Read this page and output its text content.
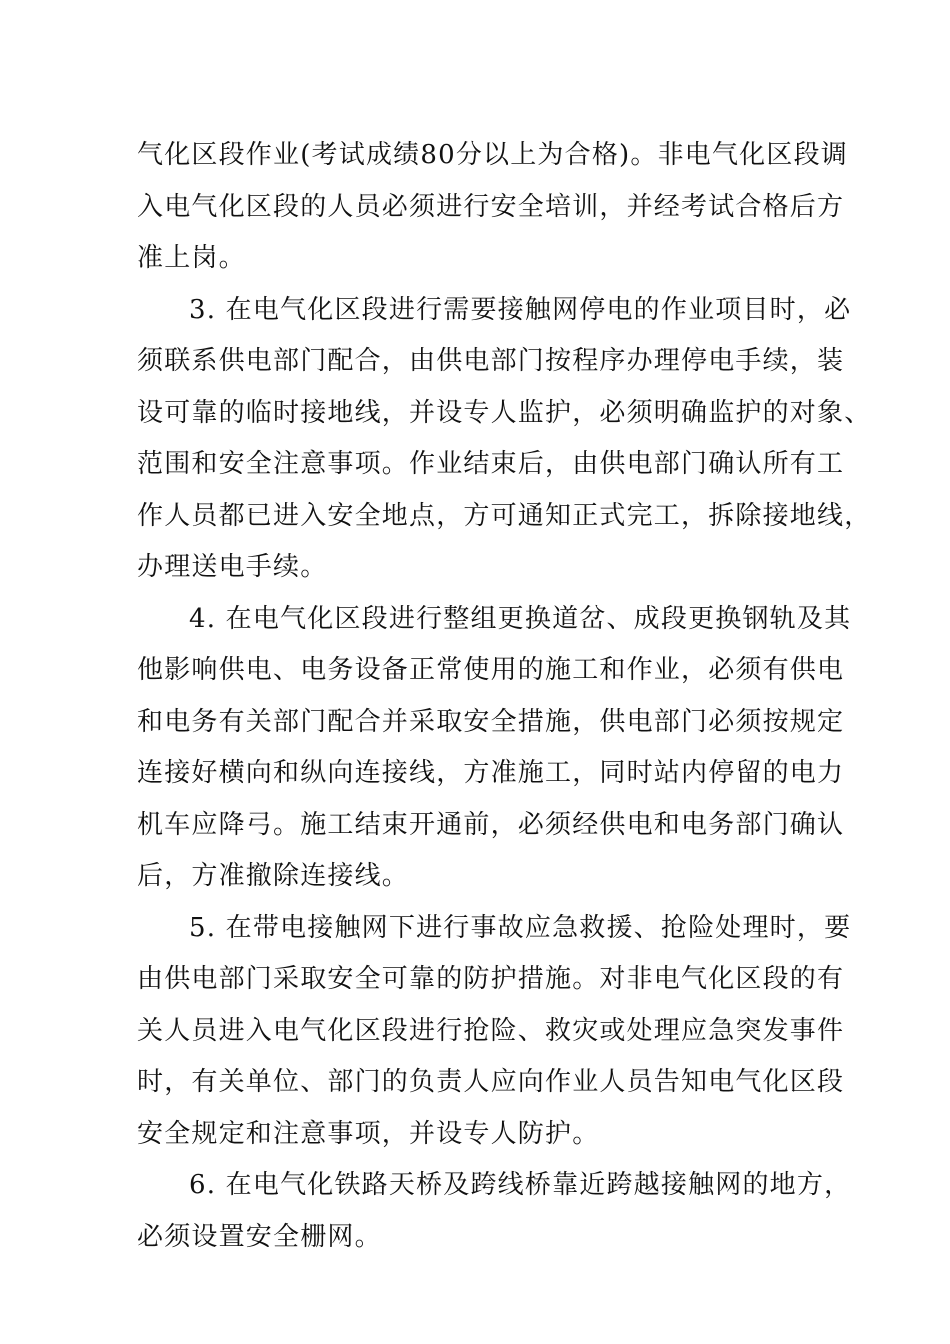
气化区段作业(考试成绩80分以上为合格)。非电气化区段调
入电气化区段的人员必须进行安全培训，并经考试合格后方
准上岗。
3. 在电气化区段进行需要接触网停电的作业项目时，必
须联系供电部门配合，由供电部门按程序办理停电手续，装
设可靠的临时接地线，并设专人监护，必须明确监护的对象、
范围和安全注意事项。作业结束后，由供电部门确认所有工
作人员都已进入安全地点，方可通知正式完工，拆除接地线，
办理送电手续。
4. 在电气化区段进行整组更换道岔、成段更换钢轨及其
他影响供电、电务设备正常使用的施工和作业，必须有供电
和电务有关部门配合并采取安全措施，供电部门必须按规定
连接好横向和纵向连接线，方准施工，同时站内停留的电力
机车应降弓。施工结束开通前，必须经供电和电务部门确认
后，方准撤除连接线。
5. 在带电接触网下进行事故应急救援、抢险处理时，要
由供电部门采取安全可靠的防护措施。对非电气化区段的有
关人员进入电气化区段进行抢险、救灾或处理应急突发事件
时，有关单位、部门的负责人应向作业人员告知电气化区段
安全规定和注意事项，并设专人防护。
6. 在电气化铁路天桥及跨线桥靠近跨越接触网的地方，
必须设置安全栅网。
